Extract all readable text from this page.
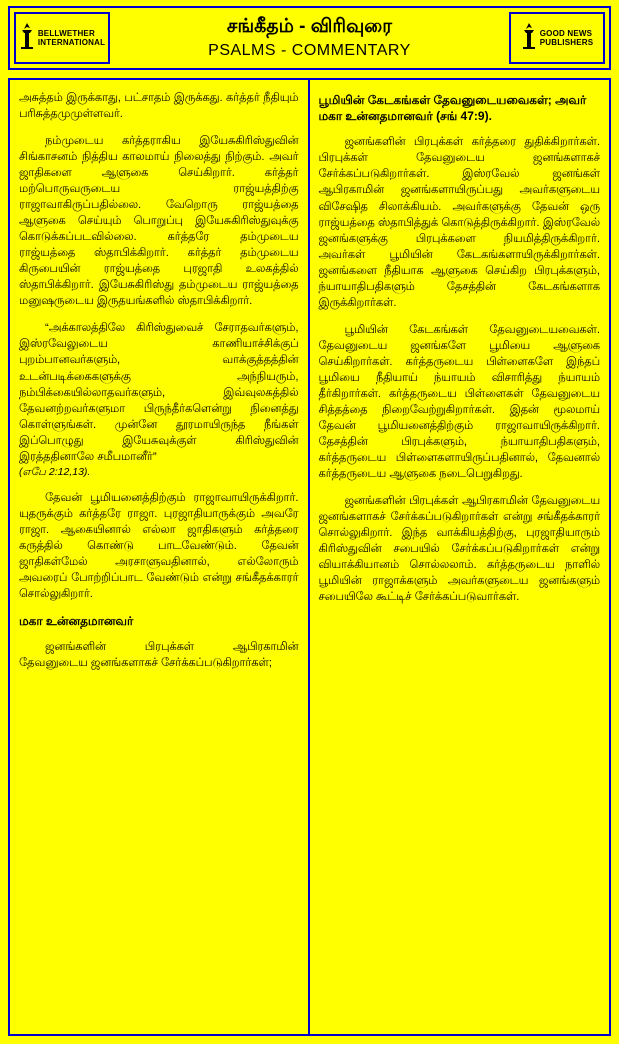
BELLWETHER
INTERNATIONAL
சங்கீதம் - விரிவுரை
PSALMS - COMMENTARY
GOOD NEWS
PUBLISHERS

அசுத்தம் இருக்காது, பட்சாதம் இருக்கது. கர்த்தர் நீதியும் பரிசுத்தமுமுள்ளவர்.

நம்முடைய கர்த்தராகிய இயேசுகிரிஸ்துவின் சிங்காசனம் நித்திய காலமாய் நிலைத்து நிற்கும். அவர் ஜாதிகளை ஆளுகை செய்கிறார். கர்த்தர் மற்பொருவருடைய ராஜ்யத்திற்கு ராஜாவாகிருப்பதில்லை. வேறொரு ராஜ்யத்தை ஆளுகை செய்யும் பொறுப்பு இயேசுகிரிஸ்துவுக்கு கொடுக்கப்படவில்லை. கர்த்தரே தம்முடைய ராஜ்யத்தை ஸ்தாபிக்கிறார். கர்த்தர் தம்முடைய கிருபையின் ராஜ்யத்தை புரஜாதி உலகத்தில் ஸ்தாபிக்கிறார். இயேசுகிரிஸ்து தம்முடைய ராஜ்யத்தை மனுஷருடைய இருதயங்களில் ஸ்தாபிக்கிறார்.

“அக்காலத்திலே கிரிஸ்துவைச் சேராதவர்களும், இஸ்ரவேலுடைய காணியாச்சிக்குப் புறம்பானவர்களும், வாக்குத்தத்தின் உடன்படிக்கைகளுக்கு அந்நியரும், நம்பிக்கையில்லாதவர்களும், இவ்வுலகத்தில் தேவனற்றவர்களுமா பிருந்தீர்களென்று நினைத்து கொள்ளுங்கள். முன்னே தூரமாயிருந்த நீங்கள் இப்பொழுது இயேசுவுக்குள் கிரிஸ்துவின் இரத்ததினாலே சமீபமானீர்”

(எபே 2:12,13).

தேவன் பூமியனைத்திற்கும் ராஜாவாயிருக்கிறார். யுதருக்கும் கர்த்தரே ராஜா. புரஜாதியாருக்கும் அவரே ராஜா. ஆகையினால் எல்லா ஜாதிகளும் கர்த்தரை கருத்தில் கொண்டு பாடவேண்டும். தேவன் ஜாதிகள்மேல் அரசாளுவதினால், எல்லோரும் அவரைப் போற்றிப்பாட வேண்டும் என்று சங்கீதக்காரர் சொல்லுகிறார்.

மகா உன்னதமானவர்

ஜனங்களின் பிரபுக்கள் ஆபிரகாமின் தேவனுடைய ஜனங்களாகச் சேர்க்கப்படுகிறார்கள்;

பூமியின் கேடகங்கள் தேவனுடையவைகள்; அவர் மகா உன்னதமானவர் (சங் 47:9).

ஜனங்களின் பிரபுக்கள் கர்த்தரை துதிக்கிறார்கள். பிரபுக்கள் தேவனுடைய ஜனங்களாகச் சேர்க்கப்படுகிறார்கள். இஸ்ரவேல் ஜனங்கள் ஆபிரகாமின் ஜனங்களாயிருப்பது அவர்களுடைய விசேஷித சிலாக்கியம். அவர்களுக்கு தேவன் ஒரு ராஜ்யத்தை ஸ்தாபித்துக் கொடுத்திருக்கிறார். இஸ்ரவேல் ஜனங்களுக்கு பிரபுக்களை நியமித்திருக்கிறார். அவர்கள் பூமியின் கேடகங்களாயிருக்கிறார்கள். ஜனங்களை நீதியாக ஆளுகை செய்கிற பிரபுக்களும், ந்யாயாதிபதிகளும் தேசத்தின் கேடகங்களாக இருக்கிறார்கள்.

பூமியின் கேடகங்கள் தேவனுடையவைகள். தேவனுடைய ஜனங்களே பூமியை ஆளுகை செய்கிறார்கள். கர்த்தருடைய பிள்ளைகளே இந்தப் பூமியை நீதியாய் ந்யாயம் விசாரித்து ந்யாயம் தீர்கிறார்கள். கர்த்தருடைய பிள்ளைகள் தேவனுடைய சித்தத்தை நிறைவேற்றுகிறார்கள். இதன் மூலமாய் தேவன் பூமியனைத்திற்கும் ராஜாவாயிருக்கிறார். தேசத்தின் பிரபுக்களும், ந்யாயாதிபதிகளும், கர்த்தருடைய பிள்ளைகளாயிருப்பதினால், தேவனால் கர்த்தருடைய ஆளுகை நடைபெறுகிறது.

ஜனங்களின் பிரபுக்கள் ஆபிரகாமின் தேவனுடைய ஜனங்களாகச் சேர்க்கப்படுகிறார்கள் என்று சங்கீதக்காரர் சொல்லுகிறார். இந்த வாக்கியத்திற்கு, புரஜாதியாரும் கிரிஸ்துவின் சபையில் சேர்க்கப்படுகிறார்கள் என்று வியாக்கியானம் சொல்லலாம். கர்த்தருடைய நாளில் பூமியின் ராஜாக்களும் அவர்களுடைய ஜனங்களும் சபையிலே கூட்டிச் சேர்க்கப்படுவார்கள்.
